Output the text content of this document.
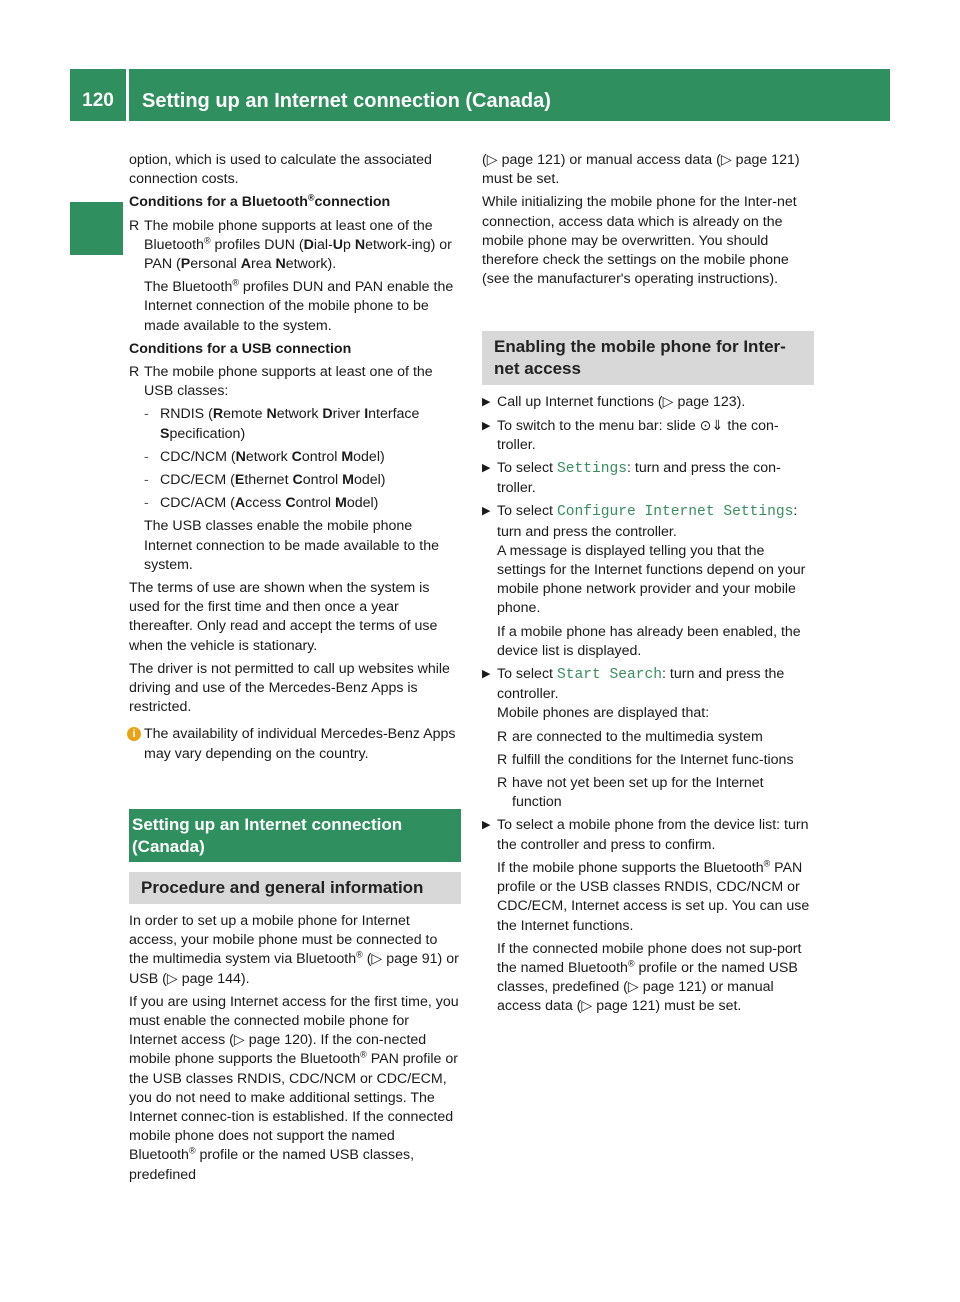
120	Setting up an Internet connection (Canada)

option, which is used to calculate the associated connection costs.

Conditions for a Bluetooth®connection

R The mobile phone supports at least one of the Bluetooth® profiles DUN (Dial-Up Network-ing) or PAN (Personal Area Network).

The Bluetooth® profiles DUN and PAN enable the Internet connection of the mobile phone to be made available to the system.

Conditions for a USB connection

R The mobile phone supports at least one of the USB classes:
- RNDIS (Remote Network Driver Interface Specification)
- CDC/NCM (Network Control Model)
- CDC/ECM (Ethernet Control Model)
- CDC/ACM (Access Control Model)

The USB classes enable the mobile phone Internet connection to be made available to the system.

The terms of use are shown when the system is used for the first time and then once a year thereafter. Only read and accept the terms of use when the vehicle is stationary.

The driver is not permitted to call up websites while driving and use of the Mercedes-Benz Apps is restricted.

i The availability of individual Mercedes-Benz Apps may vary depending on the country.
Setting up an Internet connection (Canada)
Procedure and general information

In order to set up a mobile phone for Internet access, your mobile phone must be connected to the multimedia system via Bluetooth® (▷ page 91) or USB (▷ page 144).

If you are using Internet access for the first time, you must enable the connected mobile phone for Internet access (▷ page 120). If the con-nected mobile phone supports the Bluetooth® PAN profile or the USB classes RNDIS, CDC/NCM or CDC/ECM, you do not need to make additional settings. The Internet connec-tion is established. If the connected mobile phone does not support the named Bluetooth® profile or the named USB classes, predefined

(▷ page 121) or manual access data (▷ page 121) must be set.

While initializing the mobile phone for the Inter-net connection, access data which is already on the mobile phone may be overwritten. You should therefore check the settings on the mobile phone (see the manufacturer's operating instructions).

Enabling the mobile phone for Inter-net access
▶ Call up Internet functions (▷ page 123).
▶ To switch to the menu bar: slide ⊙⇓ the con-troller.
▶ To select Settings: turn and press the con-troller.
▶ To select Configure Internet Settings: turn and press the controller.
A message is displayed telling you that the settings for the Internet functions depend on your mobile phone network provider and your mobile phone.

If a mobile phone has already been enabled, the device list is displayed.

▶ To select Start Search: turn and press the controller.
Mobile phones are displayed that:
R are connected to the multimedia system
R fulfill the conditions for the Internet func-tions
R have not yet been set up for the Internet function
▶ To select a mobile phone from the device list: turn the controller and press to confirm.

If the mobile phone supports the Bluetooth® PAN profile or the USB classes RNDIS, CDC/NCM or CDC/ECM, Internet access is set up. You can use the Internet functions.

If the connected mobile phone does not sup-port the named Bluetooth® profile or the named USB classes, predefined (▷ page 121) or manual access data (▷ page 121) must be set.
